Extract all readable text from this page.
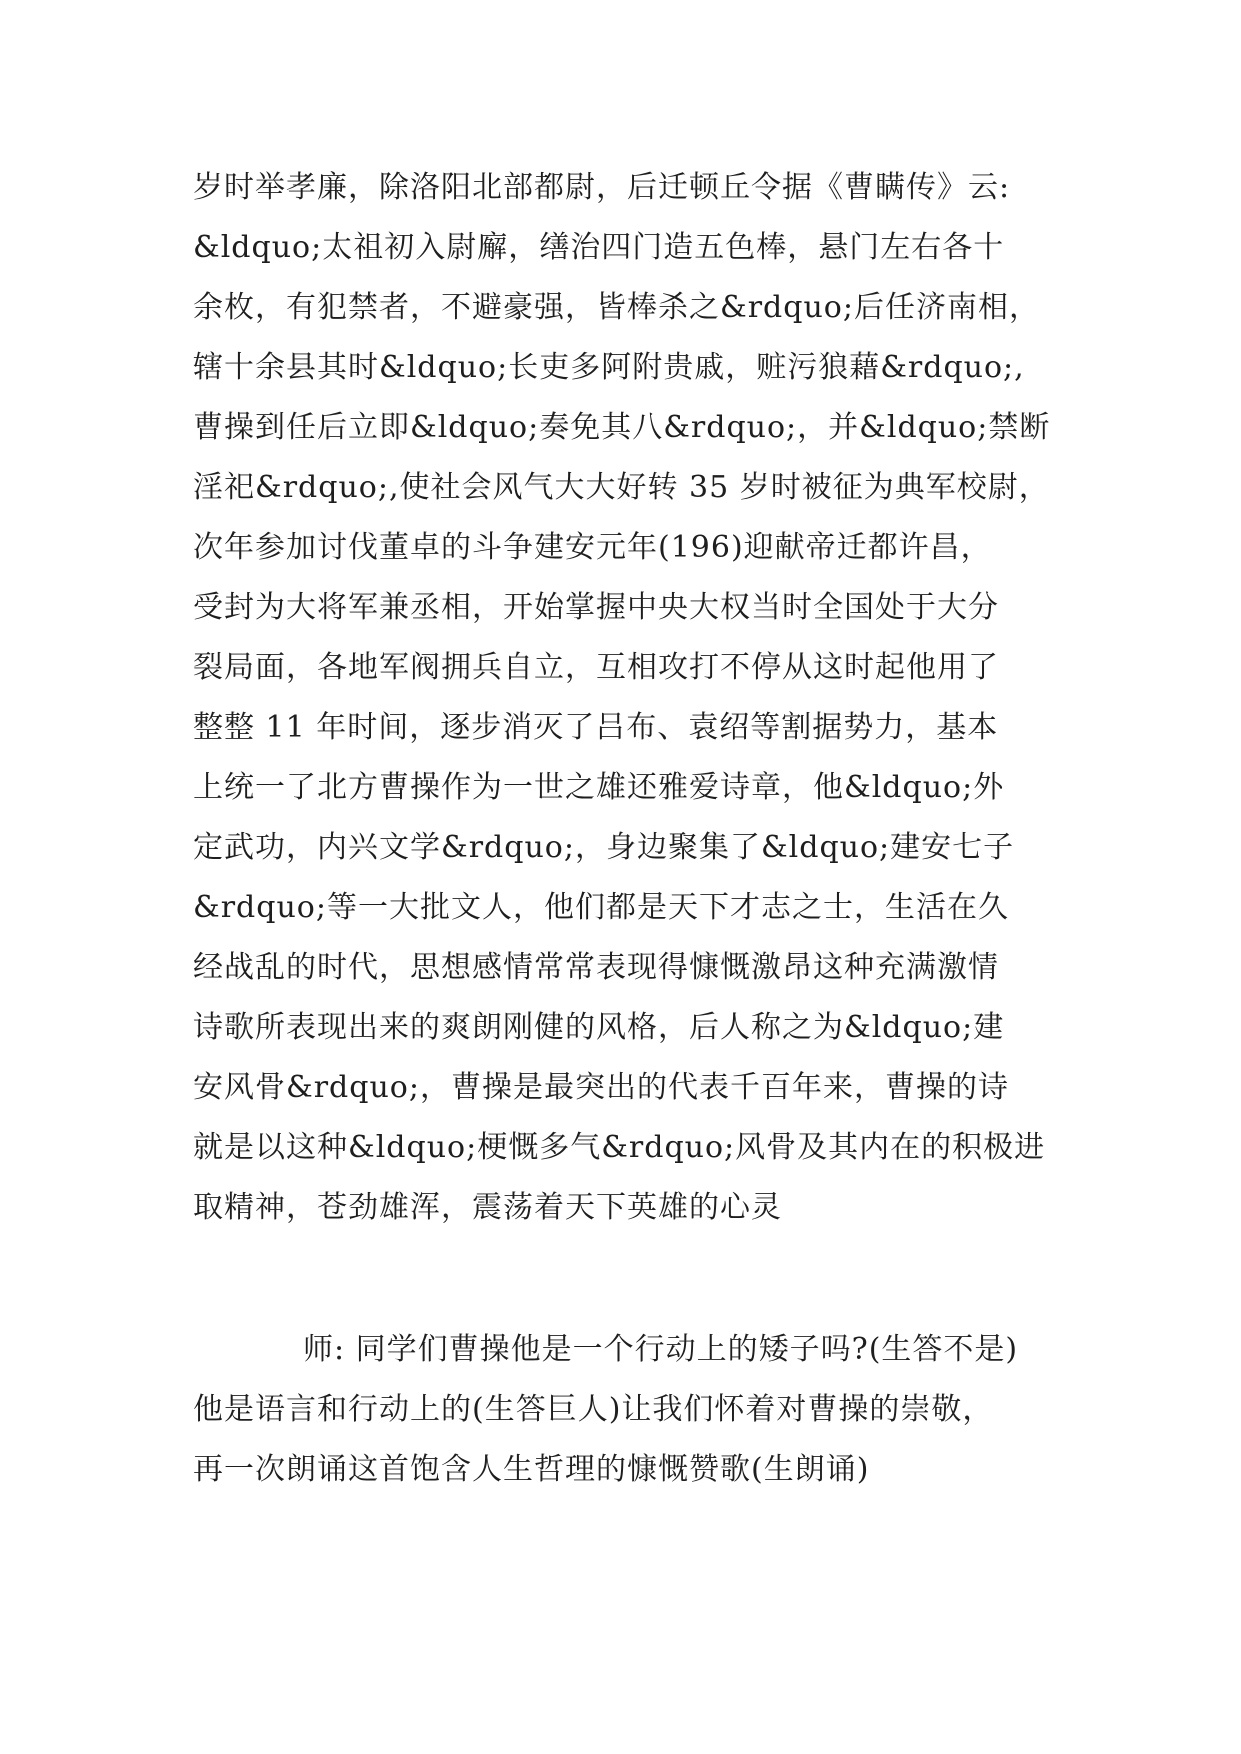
岁时举孝廉，除洛阳北部都尉，后迁顿丘令据《曹瞒传》云:
&ldquo;太祖初入尉廨，缮治四门造五色棒，悬门左右各十
余枚，有犯禁者，不避豪强，皆棒杀之&rdquo;后任济南相，
辖十余县其时&ldquo;长吏多阿附贵戚，赃污狼藉&rdquo;,
曹操到任后立即&ldquo;奏免其八&rdquo;，并&ldquo;禁断
淫祀&rdquo;,使社会风气大大好转 35 岁时被征为典军校尉，
次年参加讨伐董卓的斗争建安元年(196)迎献帝迁都许昌，
受封为大将军兼丞相，开始掌握中央大权当时全国处于大分
裂局面，各地军阀拥兵自立，互相攻打不停从这时起他用了
整整 11 年时间，逐步消灭了吕布、袁绍等割据势力，基本
上统一了北方曹操作为一世之雄还雅爱诗章，他&ldquo;外
定武功，内兴文学&rdquo;，身边聚集了&ldquo;建安七子
&rdquo;等一大批文人，他们都是天下才志之士，生活在久
经战乱的时代，思想感情常常表现得慷慨激昂这种充满激情
诗歌所表现出来的爽朗刚健的风格，后人称之为&ldquo;建
安风骨&rdquo;，曹操是最突出的代表千百年来，曹操的诗
就是以这种&ldquo;梗慨多气&rdquo;风骨及其内在的积极进
取精神，苍劲雄浑，震荡着天下英雄的心灵

师: 同学们曹操他是一个行动上的矮子吗?(生答不是)
他是语言和行动上的(生答巨人)让我们怀着对曹操的崇敬，
再一次朗诵这首饱含人生哲理的慷慨赞歌(生朗诵)
